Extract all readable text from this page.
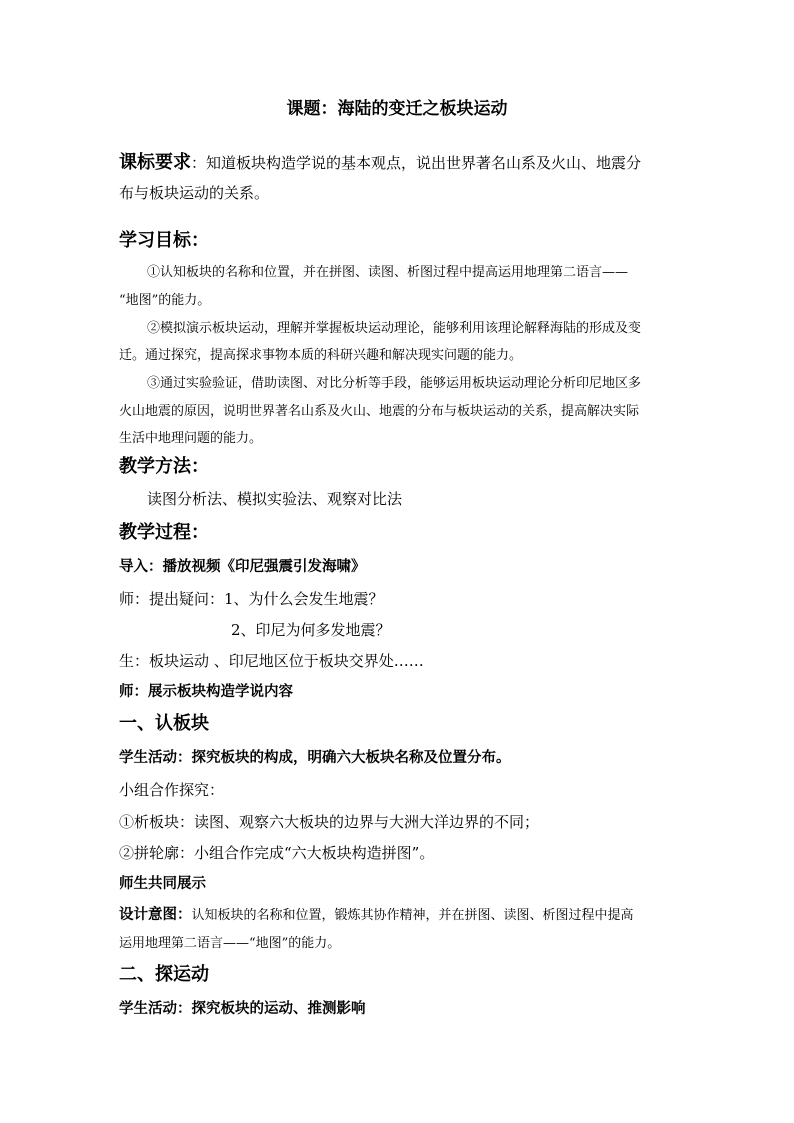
课题：海陆的变迁之板块运动
课标要求：知道板块构造学说的基本观点，说出世界著名山系及火山、地震分
布与板块运动的关系。
学习目标：
①认知板块的名称和位置，并在拼图、读图、析图过程中提高运用地理第二语言——
“地图”的能力。
②模拟演示板块运动，理解并掌握板块运动理论，能够利用该理论解释海陆的形成及变
迁。通过探究，提高探求事物本质的科研兴趣和解决现实问题的能力。
③通过实验验证，借助读图、对比分析等手段，能够运用板块运动理论分析印尼地区多
火山地震的原因，说明世界著名山系及火山、地震的分布与板块运动的关系，提高解决实际
生活中地理问题的能力。
教学方法：
读图分析法、模拟实验法、观察对比法
教学过程：
导入：播放视频《印尼强震引发海啸》
师：提出疑问：1、为什么会发生地震？
2、印尼为何多发地震？
生：板块运动 、印尼地区位于板块交界处……
师：展示板块构造学说内容
一、认板块
学生活动：探究板块的构成，明确六大板块名称及位置分布。
小组合作探究：
①析板块：读图、观察六大板块的边界与大洲大洋边界的不同；
②拼轮廓：小组合作完成“六大板块构造拼图”。
师生共同展示
设计意图：认知板块的名称和位置，锻炼其协作精神，并在拼图、读图、析图过程中提高
运用地理第二语言——“地图”的能力。
二、探运动
学生活动：探究板块的运动、推测影响
